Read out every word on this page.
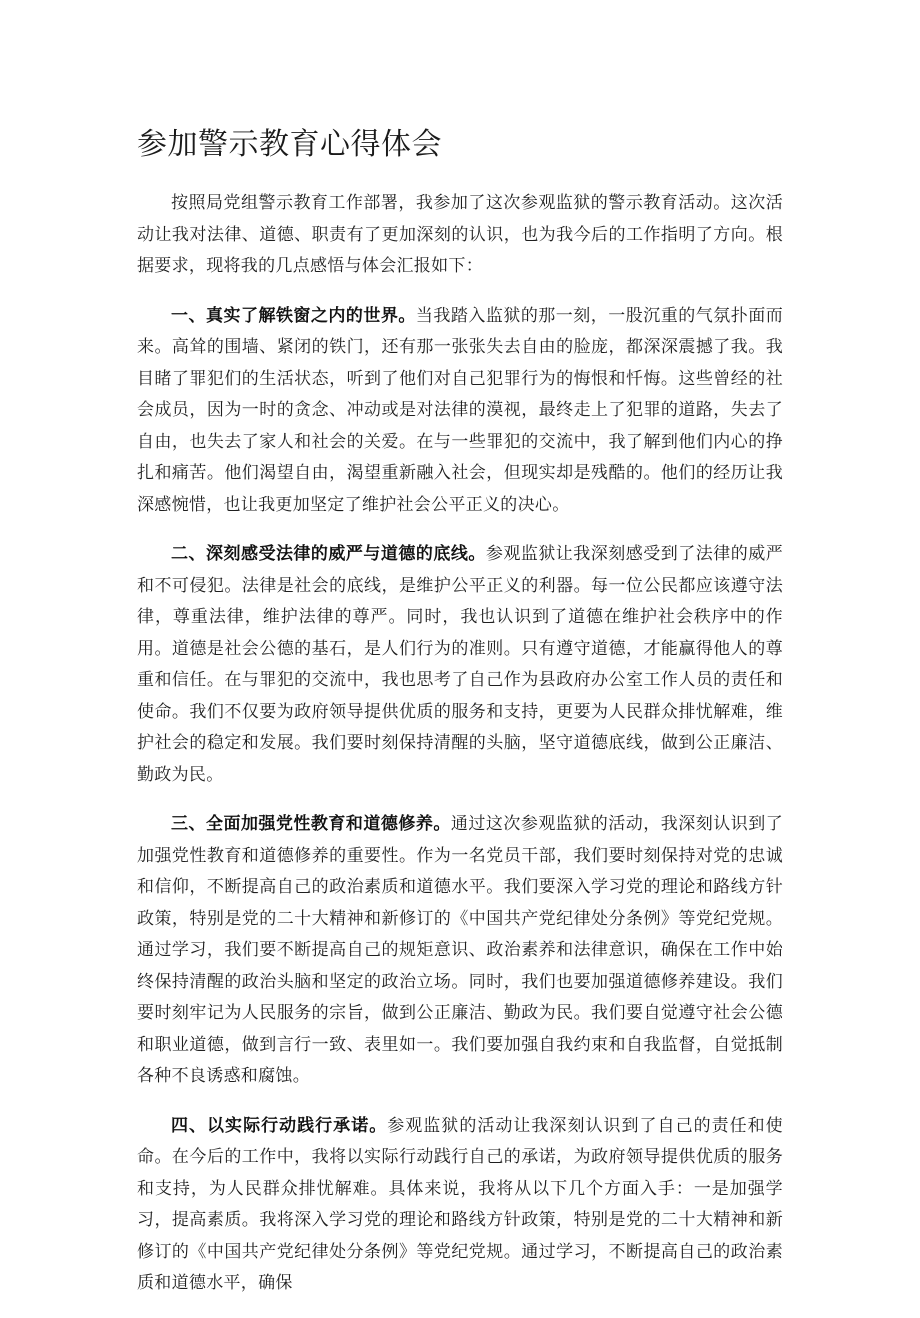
参加警示教育心得体会

按照局党组警示教育工作部署，我参加了这次参观监狱的警示教育活动。这次活动让我对法律、道德、职责有了更加深刻的认识，也为我今后的工作指明了方向。根据要求，现将我的几点感悟与体会汇报如下：

一、真实了解铁窗之内的世界。当我踏入监狱的那一刻，一股沉重的气氛扑面而来。高耸的围墙、紧闭的铁门，还有那一张张失去自由的脸庞，都深深震撼了我。我目睹了罪犯们的生活状态，听到了他们对自己犯罪行为的悔恨和忏悔。这些曾经的社会成员，因为一时的贪念、冲动或是对法律的漠视，最终走上了犯罪的道路，失去了自由，也失去了家人和社会的关爱。在与一些罪犯的交流中，我了解到他们内心的挣扎和痛苦。他们渴望自由，渴望重新融入社会，但现实却是残酷的。他们的经历让我深感惋惜，也让我更加坚定了维护社会公平正义的决心。

二、深刻感受法律的威严与道德的底线。参观监狱让我深刻感受到了法律的威严和不可侵犯。法律是社会的底线，是维护公平正义的利器。每一位公民都应该遵守法律，尊重法律，维护法律的尊严。同时，我也认识到了道德在维护社会秩序中的作用。道德是社会公德的基石，是人们行为的准则。只有遵守道德，才能赢得他人的尊重和信任。在与罪犯的交流中，我也思考了自己作为县政府办公室工作人员的责任和使命。我们不仅要为政府领导提供优质的服务和支持，更要为人民群众排忧解难，维护社会的稳定和发展。我们要时刻保持清醒的头脑，坚守道德底线，做到公正廉洁、勤政为民。

三、全面加强党性教育和道德修养。通过这次参观监狱的活动，我深刻认识到了加强党性教育和道德修养的重要性。作为一名党员干部，我们要时刻保持对党的忠诚和信仰，不断提高自己的政治素质和道德水平。我们要深入学习党的理论和路线方针政策，特别是党的二十大精神和新修订的《中国共产党纪律处分条例》等党纪党规。通过学习，我们要不断提高自己的规矩意识、政治素养和法律意识，确保在工作中始终保持清醒的政治头脑和坚定的政治立场。同时，我们也要加强道德修养建设。我们要时刻牢记为人民服务的宗旨，做到公正廉洁、勤政为民。我们要自觉遵守社会公德和职业道德，做到言行一致、表里如一。我们要加强自我约束和自我监督，自觉抵制各种不良诱惑和腐蚀。

四、以实际行动践行承诺。参观监狱的活动让我深刻认识到了自己的责任和使命。在今后的工作中，我将以实际行动践行自己的承诺，为政府领导提供优质的服务和支持，为人民群众排忧解难。具体来说，我将从以下几个方面入手：一是加强学习，提高素质。我将深入学习党的理论和路线方针政策，特别是党的二十大精神和新修订的《中国共产党纪律处分条例》等党纪党规。通过学习，不断提高自己的政治素质和道德水平，确保
